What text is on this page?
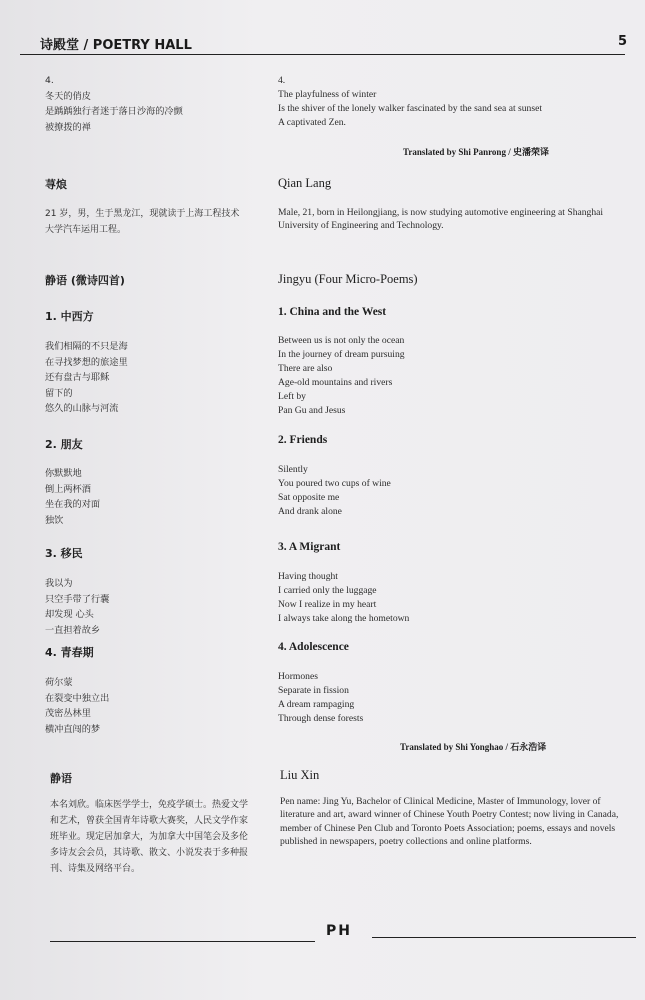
诗殿堂 / POETRY HALL	5
4.
冬天的俏皮
是踽踽独行者迷于落日沙海的冷颤
被撩拨的禅
4.
The playfulness of winter
Is the shiver of the lonely walker fascinated by the sand sea at sunset
A captivated Zen.
Translated by Shi Panrong / 史潘荣译
荨烺	Qian Lang
21 岁，男，生于黑龙江，现就读于上海工程技术大学汽车运用工程。
Male, 21, born in Heilongjiang, is now studying automotive engineering at Shanghai University of Engineering and Technology.
静语 (微诗四首)	Jingyu (Four Micro-Poems)
1. 中西方	1. China and the West
我们相隔的不只是海
在寻找梦想的旅途里
还有盘古与耶稣
留下的
悠久的山脉与河流
Between us is not only the ocean
In the journey of dream pursuing
There are also
Age-old mountains and rivers
Left by
Pan Gu and Jesus
2. 朋友	2. Friends
你默默地
倒上两杯酒
坐在我的对面
独饮
Silently
You poured two cups of wine
Sat opposite me
And drank alone
3. 移民	3. A Migrant
我以为
只空手带了行囊
却发现 心头
一直担着故乡
Having thought
I carried only the luggage
Now I realize in my heart
I always take along the hometown
4. 青春期	4. Adolescence
荷尔蒙
在裂变中独立出
茂密丛林里
横冲直闯的梦
Hormones
Separate in fission
A dream rampaging
Through dense forests
Translated by Shi Yonghao / 石永浩译
静语	Liu Xin
本名刘欣。临床医学学士，免疫学硕士。热爱文学和艺术，曾获全国青年诗歌大赛奖，人民文学作家班毕业。现定居加拿大，为加拿大中国笔会及多伦多诗友会会员，其诗歌、散文、小说发表于多种报刊、诗集及网络平台。
Pen name: Jing Yu, Bachelor of Clinical Medicine, Master of Immunology, lover of literature and art, award winner of Chinese Youth Poetry Contest; now living in Canada, member of Chinese Pen Club and Toronto Poets Association; poems, essays and novels published in newspapers, poetry collections and online platforms.
PH
